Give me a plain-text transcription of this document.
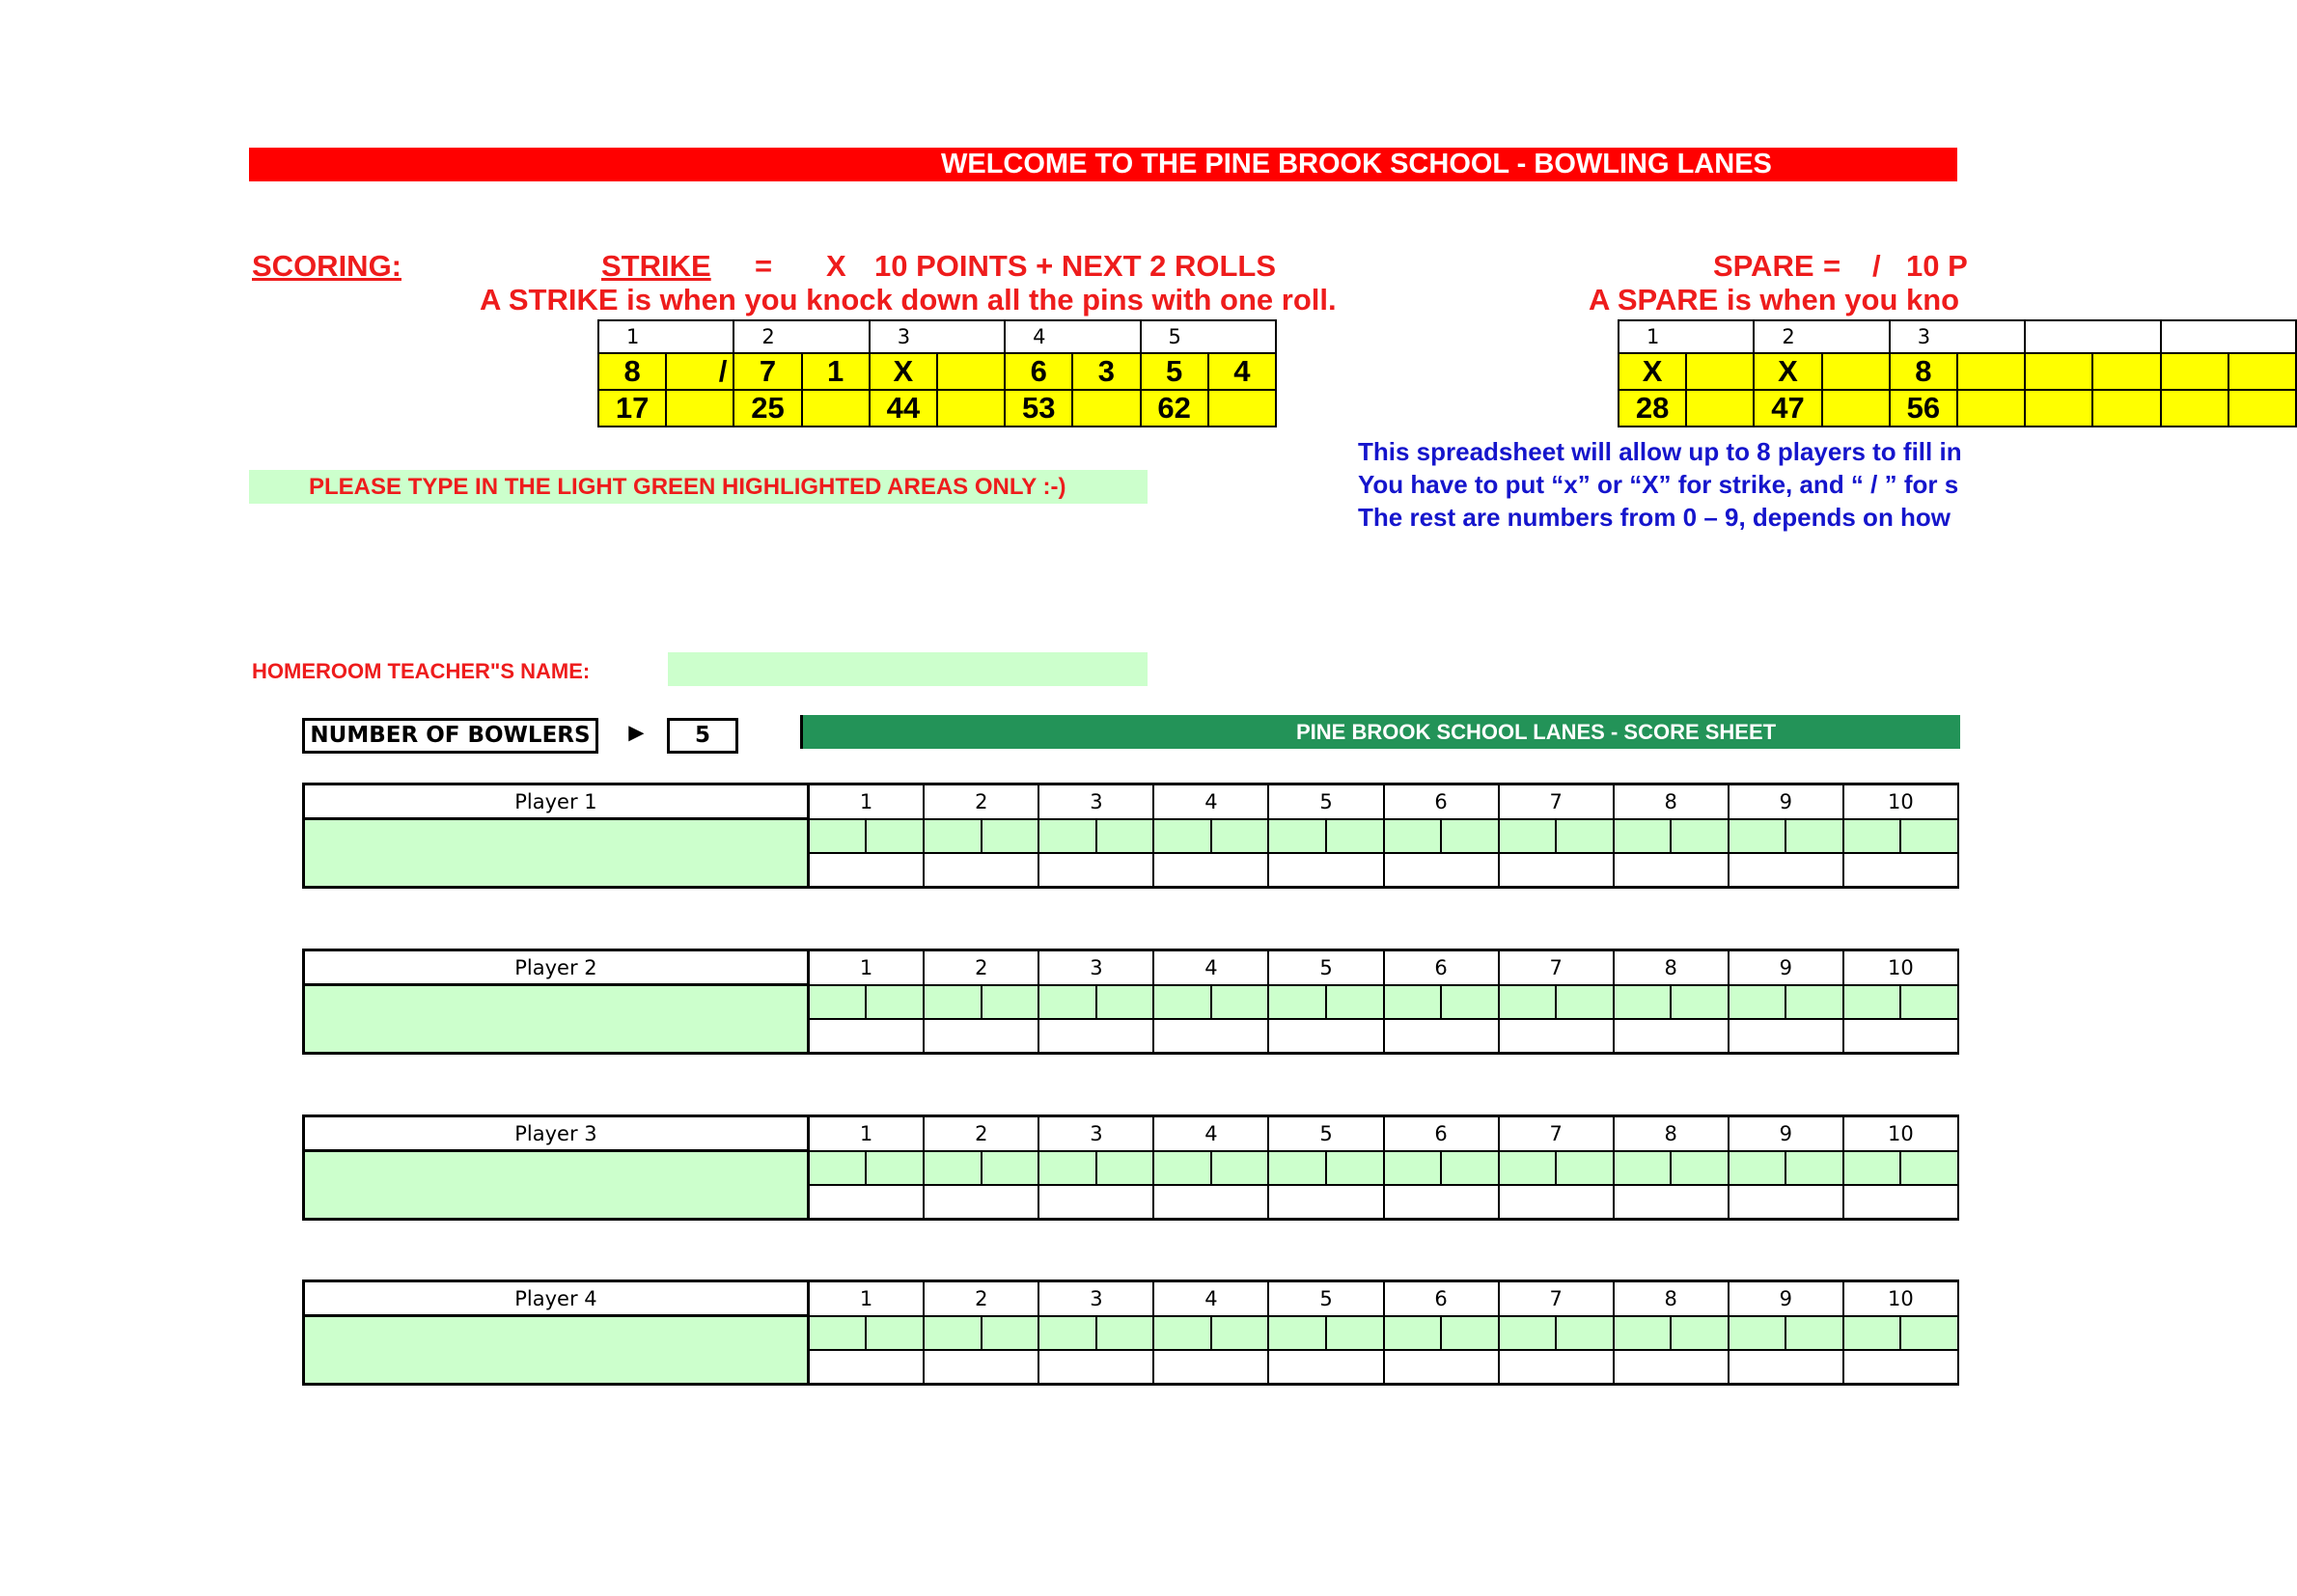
WELCOME TO THE PINE BROOK SCHOOL - BOWLING LANES
SCORING:	STRIKE = X 10 POINTS + NEXT 2 ROLLS
A STRIKE is when you knock down all the pins with one roll.
SPARE = / 10 P
A SPARE is when you kno
1		2		3		4		5	
8	/	7	1	X		6	3	5	4
17		25		44		53		62	
1		2		3					
X		X		8					
28		47		56					
PLEASE TYPE IN THE LIGHT GREEN HIGHLIGHTED AREAS ONLY :-)
This spreadsheet will allow up to 8 players to fill in
You have to put “x” or “X” for strike, and “ / ” for s
The rest are numbers from 0 – 9, depends on how
HOMEROOM TEACHER"S NAME:
NUMBER OF BOWLERS	►	5	PINE BROOK SCHOOL LANES - SCORE SHEET
Player 1	1		2		3		4		5		6		7		8		9		10	

Player 2	1		2		3		4		5		6		7		8		9		10	

Player 3	1		2		3		4		5		6		7		8		9		10	

Player 4	1		2		3		4		5		6		7		8		9		10	
